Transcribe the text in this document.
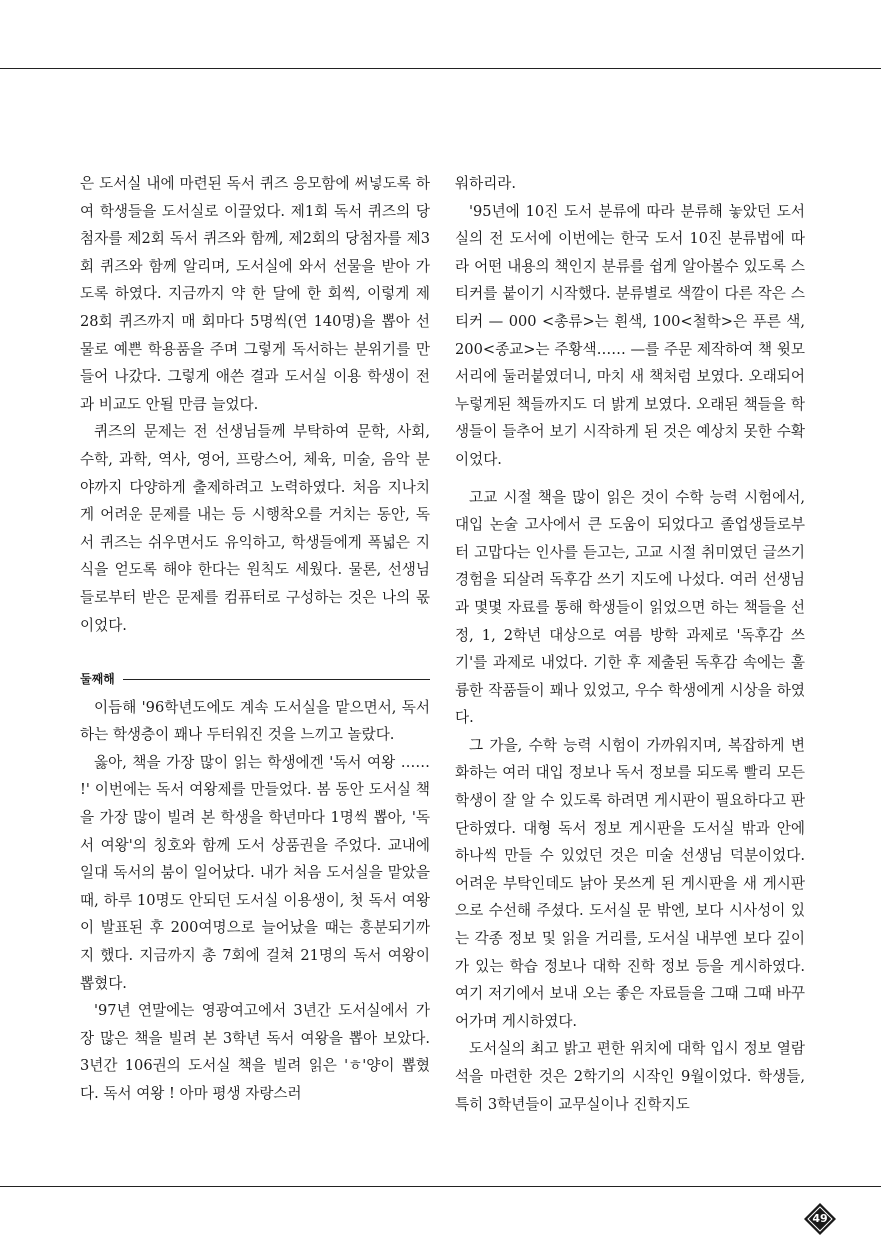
은 도서실 내에 마련된 독서 퀴즈 응모함에 써넣도록 하여 학생들을 도서실로 이끌었다. 제1회 독서 퀴즈의 당첨자를 제2회 독서 퀴즈와 함께, 제2회의 당첨자를 제3회 퀴즈와 함께 알리며, 도서실에 와서 선물을 받아 가도록 하였다. 지금까지 약 한 달에 한 회씩, 이렇게 제28회 퀴즈까지 매 회마다 5명씩(연 140명)을 뽑아 선물로 예쁜 학용품을 주며 그렇게 독서하는 분위기를 만들어 나갔다. 그렇게 애쓴 결과 도서실 이용 학생이 전과 비교도 안될 만큼 늘었다.

퀴즈의 문제는 전 선생님들께 부탁하여 문학, 사회, 수학, 과학, 역사, 영어, 프랑스어, 체육, 미술, 음악 분야까지 다양하게 출제하려고 노력하였다. 처음 지나치게 어려운 문제를 내는 등 시행착오를 거치는 동안, 독서 퀴즈는 쉬우면서도 유익하고, 학생들에게 폭넓은 지식을 얻도록 해야 한다는 원칙도 세웠다. 물론, 선생님들로부터 받은 문제를 컴퓨터로 구성하는 것은 나의 몫이었다.

둘째해

이듬해 '96학년도에도 계속 도서실을 맡으면서, 독서하는 학생층이 꽤나 두터워진 것을 느끼고 놀랐다.

옳아, 책을 가장 많이 읽는 학생에겐 '독서 여왕 …… !' 이번에는 독서 여왕제를 만들었다. 봄 동안 도서실 책을 가장 많이 빌려 본 학생을 학년마다 1명씩 뽑아, '독서 여왕'의 칭호와 함께 도서 상품권을 주었다. 교내에 일대 독서의 붐이 일어났다. 내가 처음 도서실을 맡았을 때, 하루 10명도 안되던 도서실 이용생이, 첫 독서 여왕이 발표된 후 200여명으로 늘어났을 때는 흥분되기까지 했다. 지금까지 총 7회에 걸쳐 21명의 독서 여왕이 뽑혔다.

'97년 연말에는 영광여고에서 3년간 도서실에서 가장 많은 책을 빌려 본 3학년 독서 여왕을 뽑아 보았다. 3년간 106권의 도서실 책을 빌려 읽은 'ㅎ'양이 뽑혔다. 독서 여왕 ! 아마 평생 자랑스러

워하리라.

'95년에 10진 도서 분류에 따라 분류해 놓았던 도서실의 전 도서에 이번에는 한국 도서 10진 분류법에 따라 어떤 내용의 책인지 분류를 쉽게 알아볼수 있도록 스티커를 붙이기 시작했다. 분류별로 색깔이 다른 작은 스티커 — 000 <총류>는 흰색, 100<철학>은 푸른 색, 200<종교>는 주황색…… —를 주문 제작하여 책 윗모서리에 둘러붙였더니, 마치 새 책처럼 보였다. 오래되어 누렇게된 책들까지도 더 밝게 보였다. 오래된 책들을 학생들이 들추어 보기 시작하게 된 것은 예상치 못한 수확이었다.

고교 시절 책을 많이 읽은 것이 수학 능력 시험에서, 대입 논술 고사에서 큰 도움이 되었다고 졸업생들로부터 고맙다는 인사를 듣고는, 고교 시절 취미였던 글쓰기 경험을 되살려 독후감 쓰기 지도에 나섰다. 여러 선생님과 몇몇 자료를 통해 학생들이 읽었으면 하는 책들을 선정, 1, 2학년 대상으로 여름 방학 과제로 '독후감 쓰기'를 과제로 내었다. 기한 후 제출된 독후감 속에는 훌륭한 작품들이 꽤나 있었고, 우수 학생에게 시상을 하였다.

그 가을, 수학 능력 시험이 가까워지며, 복잡하게 변화하는 여러 대입 정보나 독서 정보를 되도록 빨리 모든 학생이 잘 알 수 있도록 하려면 게시판이 필요하다고 판단하였다. 대형 독서 정보 게시판을 도서실 밖과 안에 하나씩 만들 수 있었던 것은 미술 선생님 덕분이었다. 어려운 부탁인데도 낡아 못쓰게 된 게시판을 새 게시판으로 수선해 주셨다. 도서실 문 밖엔, 보다 시사성이 있는 각종 정보 및 읽을 거리를, 도서실 내부엔 보다 깊이가 있는 학습 정보나 대학 진학 정보 등을 게시하였다. 여기 저기에서 보내 오는 좋은 자료들을 그때 그때 바꾸어가며 게시하였다.

도서실의 최고 밝고 편한 위치에 대학 입시 정보 열람석을 마련한 것은 2학기의 시작인 9월이었다. 학생들, 특히 3학년들이 교무실이나 진학지도

49
